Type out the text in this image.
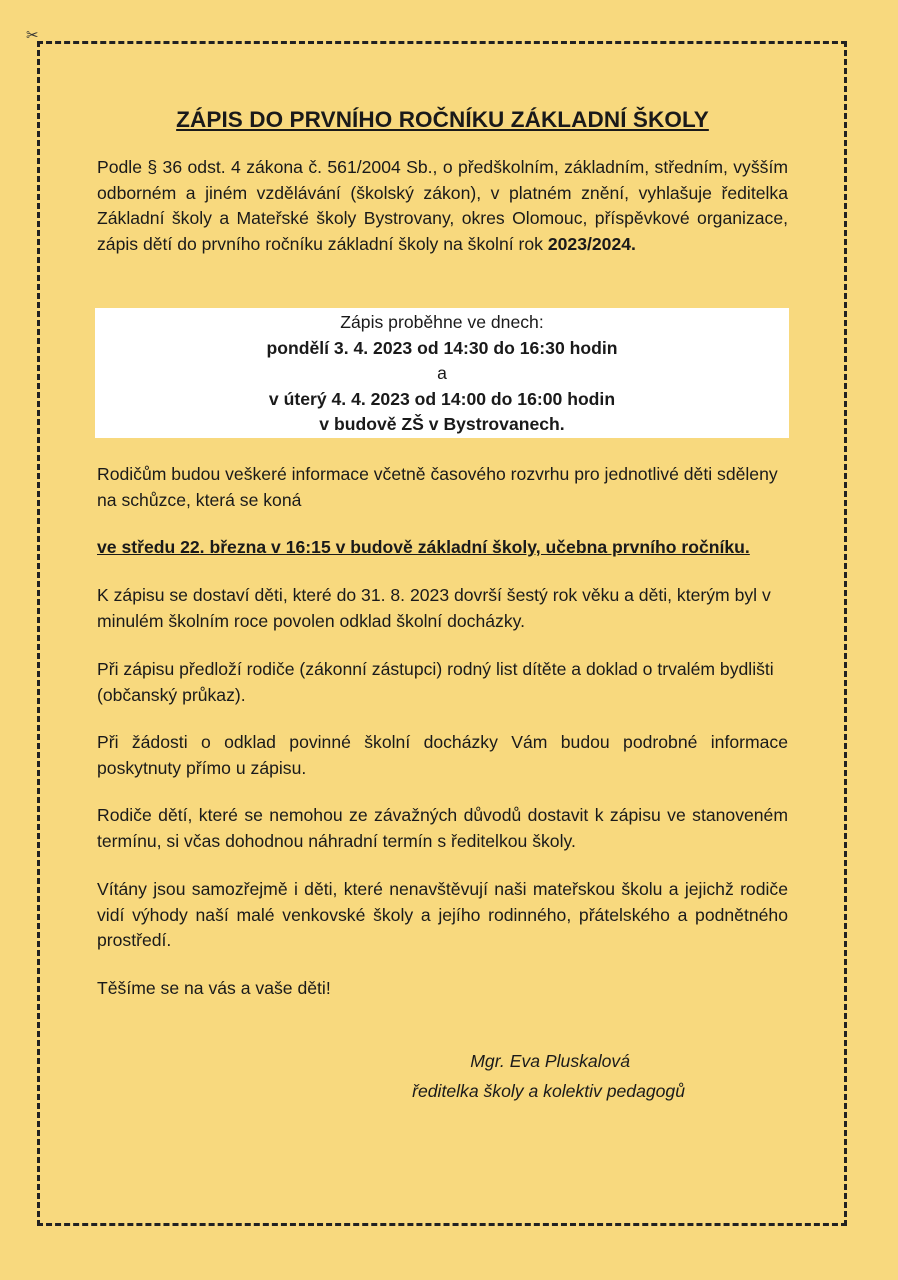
✂
ZÁPIS DO PRVNÍHO ROČNÍKU ZÁKLADNÍ ŠKOLY

Podle § 36 odst. 4 zákona č. 561/2004 Sb., o předškolním, základním, středním, vyšším odborném a jiném vzdělávání (školský zákon), v platném znění, vyhlašuje ředitelka Základní školy a Mateřské školy Bystrovany, okres Olomouc, příspěvkové organizace, zápis dětí do prvního ročníku základní školy na školní rok 2023/2024.

Zápis proběhne ve dnech:
pondělí 3. 4. 2023 od 14:30 do 16:30 hodin
a
v úterý 4. 4. 2023 od 14:00 do 16:00 hodin
v budově ZŠ v Bystrovanech.

Rodičům budou veškeré informace včetně časového rozvrhu pro jednotlivé děti sděleny na schůzce, která se koná

ve středu 22. března v 16:15 v budově základní školy, učebna prvního ročníku.

K zápisu se dostaví děti, které do 31. 8. 2023 dovrší šestý rok věku a děti, kterým byl v minulém školním roce povolen odklad školní docházky.

Při zápisu předloží rodiče (zákonní zástupci) rodný list dítěte a doklad o trvalém bydlišti (občanský průkaz).

Při žádosti o odklad povinné školní docházky Vám budou podrobné informace poskytnuty přímo u zápisu.

Rodiče dětí, které se nemohou ze závažných důvodů dostavit k zápisu ve stanoveném termínu, si včas dohodnou náhradní termín s ředitelkou školy.

Vítány jsou samozřejmě i děti, které nenavštěvují naši mateřskou školu a jejichž rodiče vidí výhody naší malé venkovské školy a jejího rodinného, přátelského a podnětného prostředí.

Těšíme se na vás a vaše děti!

Mgr. Eva Pluskalová
ředitelka školy a kolektiv pedagogů
